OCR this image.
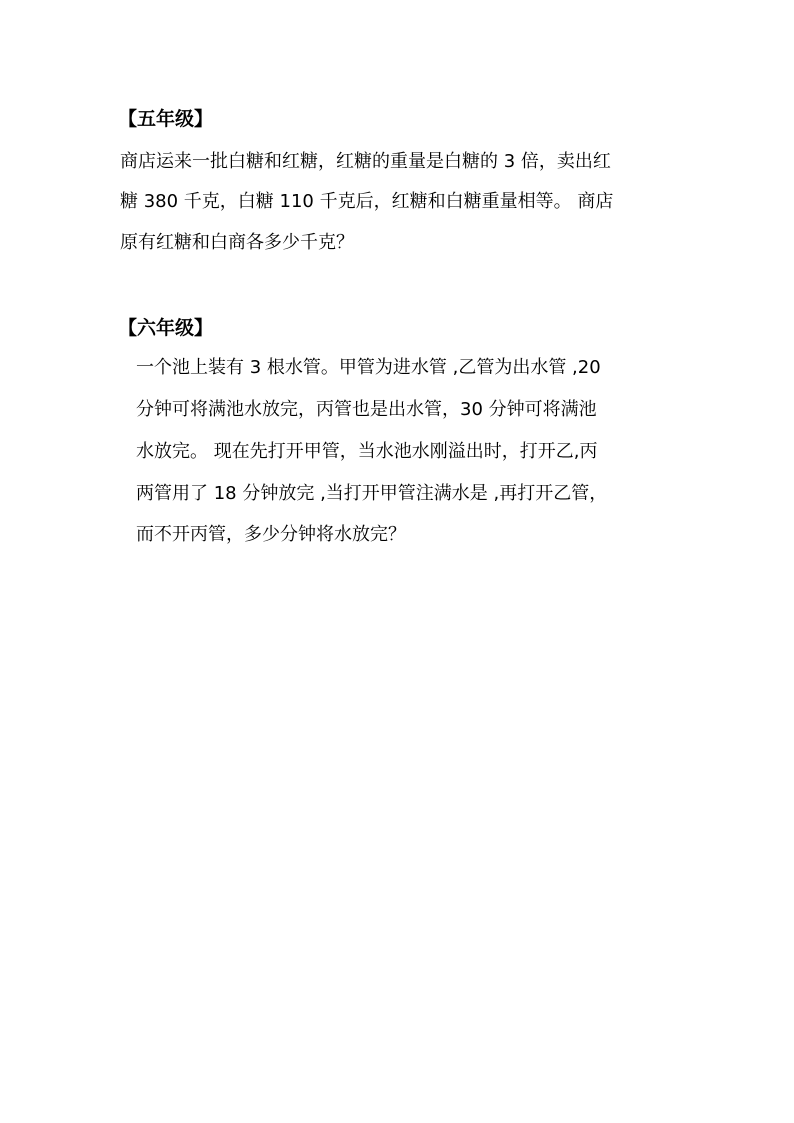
【五年级】
商店运来一批白糖和红糖，红糖的重量是白糖的 3 倍，卖出红
糖 380 千克，白糖 110 千克后，红糖和白糖重量相等。 商店
原有红糖和白商各多少千克？
【六年级】
一个池上装有 3 根水管。甲管为进水管 ,乙管为出水管 ,20
分钟可将满池水放完，丙管也是出水管，30 分钟可将满池
水放完。 现在先打开甲管，当水池水刚溢出时，打开乙,丙
两管用了 18 分钟放完 ,当打开甲管注满水是 ,再打开乙管，
而不开丙管，多少分钟将水放完？
